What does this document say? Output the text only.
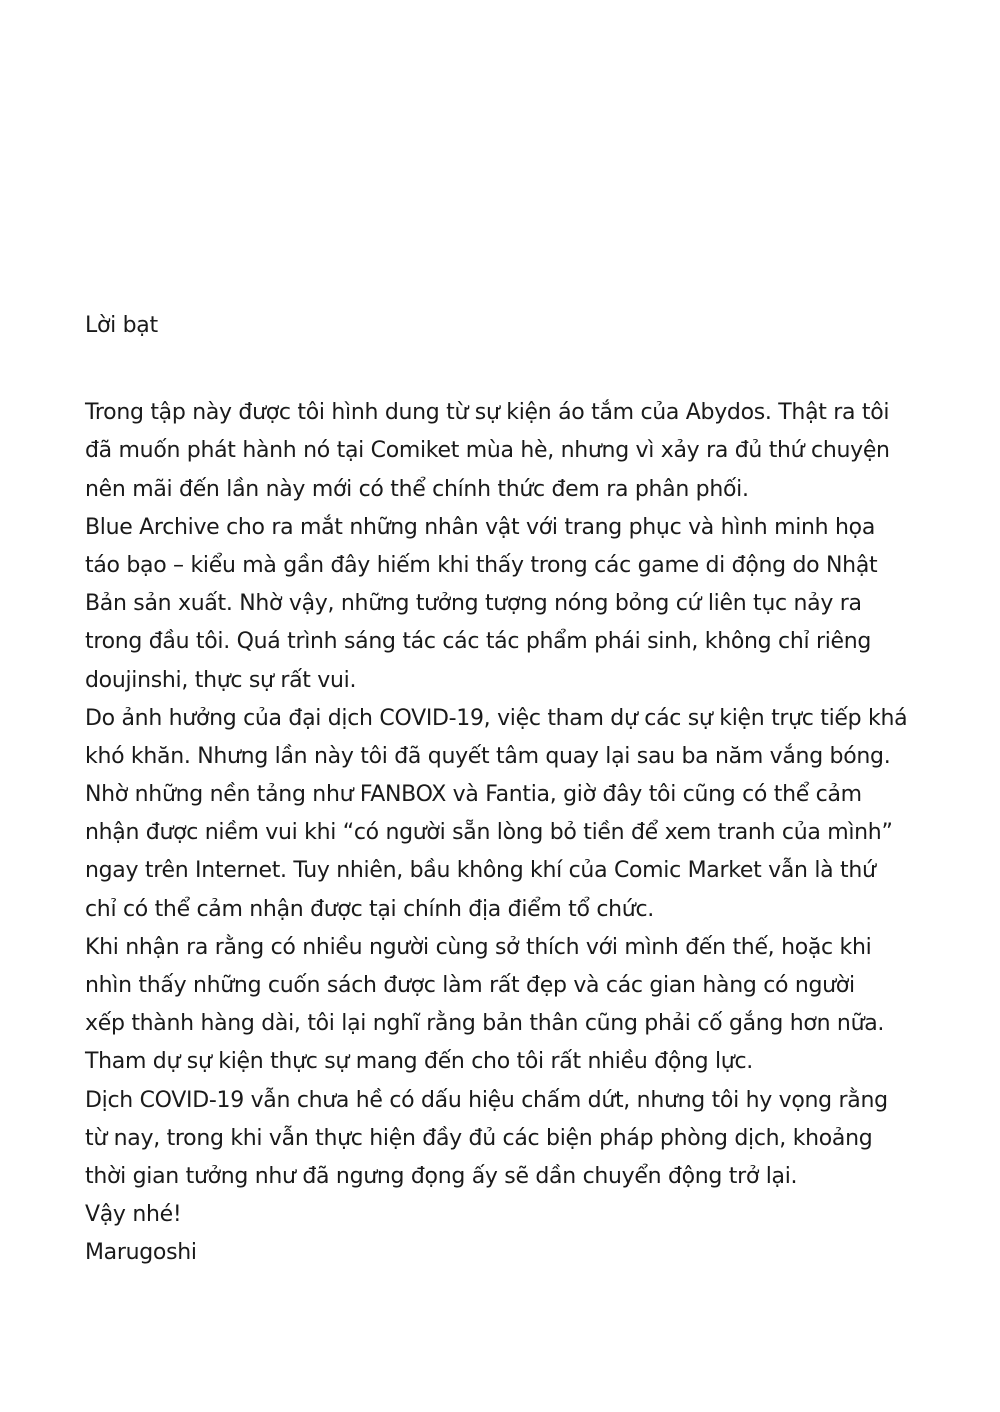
Lời bạt
Trong tập này được tôi hình dung từ sự kiện áo tắm của Abydos. Thật ra tôi
đã muốn phát hành nó tại Comiket mùa hè, nhưng vì xảy ra đủ thứ chuyện
nên mãi đến lần này mới có thể chính thức đem ra phân phối.
Blue Archive cho ra mắt những nhân vật với trang phục và hình minh họa
táo bạo – kiểu mà gần đây hiếm khi thấy trong các game di động do Nhật
Bản sản xuất. Nhờ vậy, những tưởng tượng nóng bỏng cứ liên tục nảy ra
trong đầu tôi. Quá trình sáng tác các tác phẩm phái sinh, không chỉ riêng
doujinshi, thực sự rất vui.
Do ảnh hưởng của đại dịch COVID-19, việc tham dự các sự kiện trực tiếp khá
khó khăn. Nhưng lần này tôi đã quyết tâm quay lại sau ba năm vắng bóng.
Nhờ những nền tảng như FANBOX và Fantia, giờ đây tôi cũng có thể cảm
nhận được niềm vui khi “có người sẵn lòng bỏ tiền để xem tranh của mình”
ngay trên Internet. Tuy nhiên, bầu không khí của Comic Market vẫn là thứ
chỉ có thể cảm nhận được tại chính địa điểm tổ chức.
Khi nhận ra rằng có nhiều người cùng sở thích với mình đến thế, hoặc khi
nhìn thấy những cuốn sách được làm rất đẹp và các gian hàng có người
xếp thành hàng dài, tôi lại nghĩ rằng bản thân cũng phải cố gắng hơn nữa.
Tham dự sự kiện thực sự mang đến cho tôi rất nhiều động lực.
Dịch COVID-19 vẫn chưa hề có dấu hiệu chấm dứt, nhưng tôi hy vọng rằng
từ nay, trong khi vẫn thực hiện đầy đủ các biện pháp phòng dịch, khoảng
thời gian tưởng như đã ngưng đọng ấy sẽ dần chuyển động trở lại.
Vậy nhé!
Marugoshi
